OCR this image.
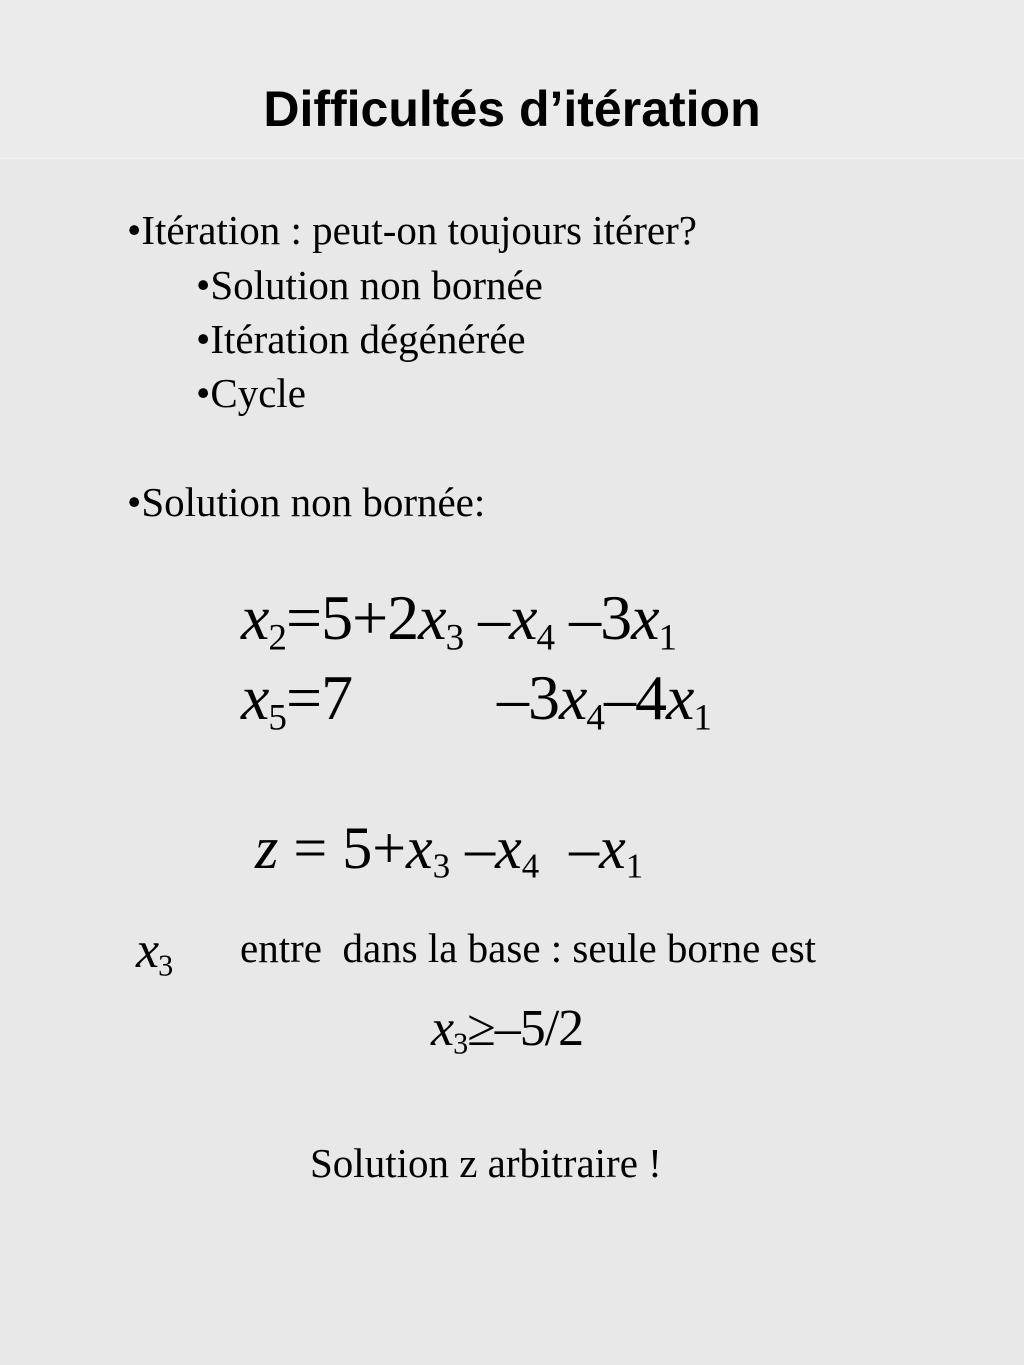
Difficultés d’itération
•Itération : peut-on toujours itérer?
•Solution non bornée
•Itération dégénérée
•Cycle
•Solution non bornée:
$x_2=5+2x_3$ $-x_4$ $-3x_1$
$x_5=7$ $-3x_4-4x_1$
$z = 5+x_3$ $-x_4$  $-x_1$
$x_3$ entre  dans la base : seule borne est
$x_3\ge-5/2$
Solution z arbitraire !
